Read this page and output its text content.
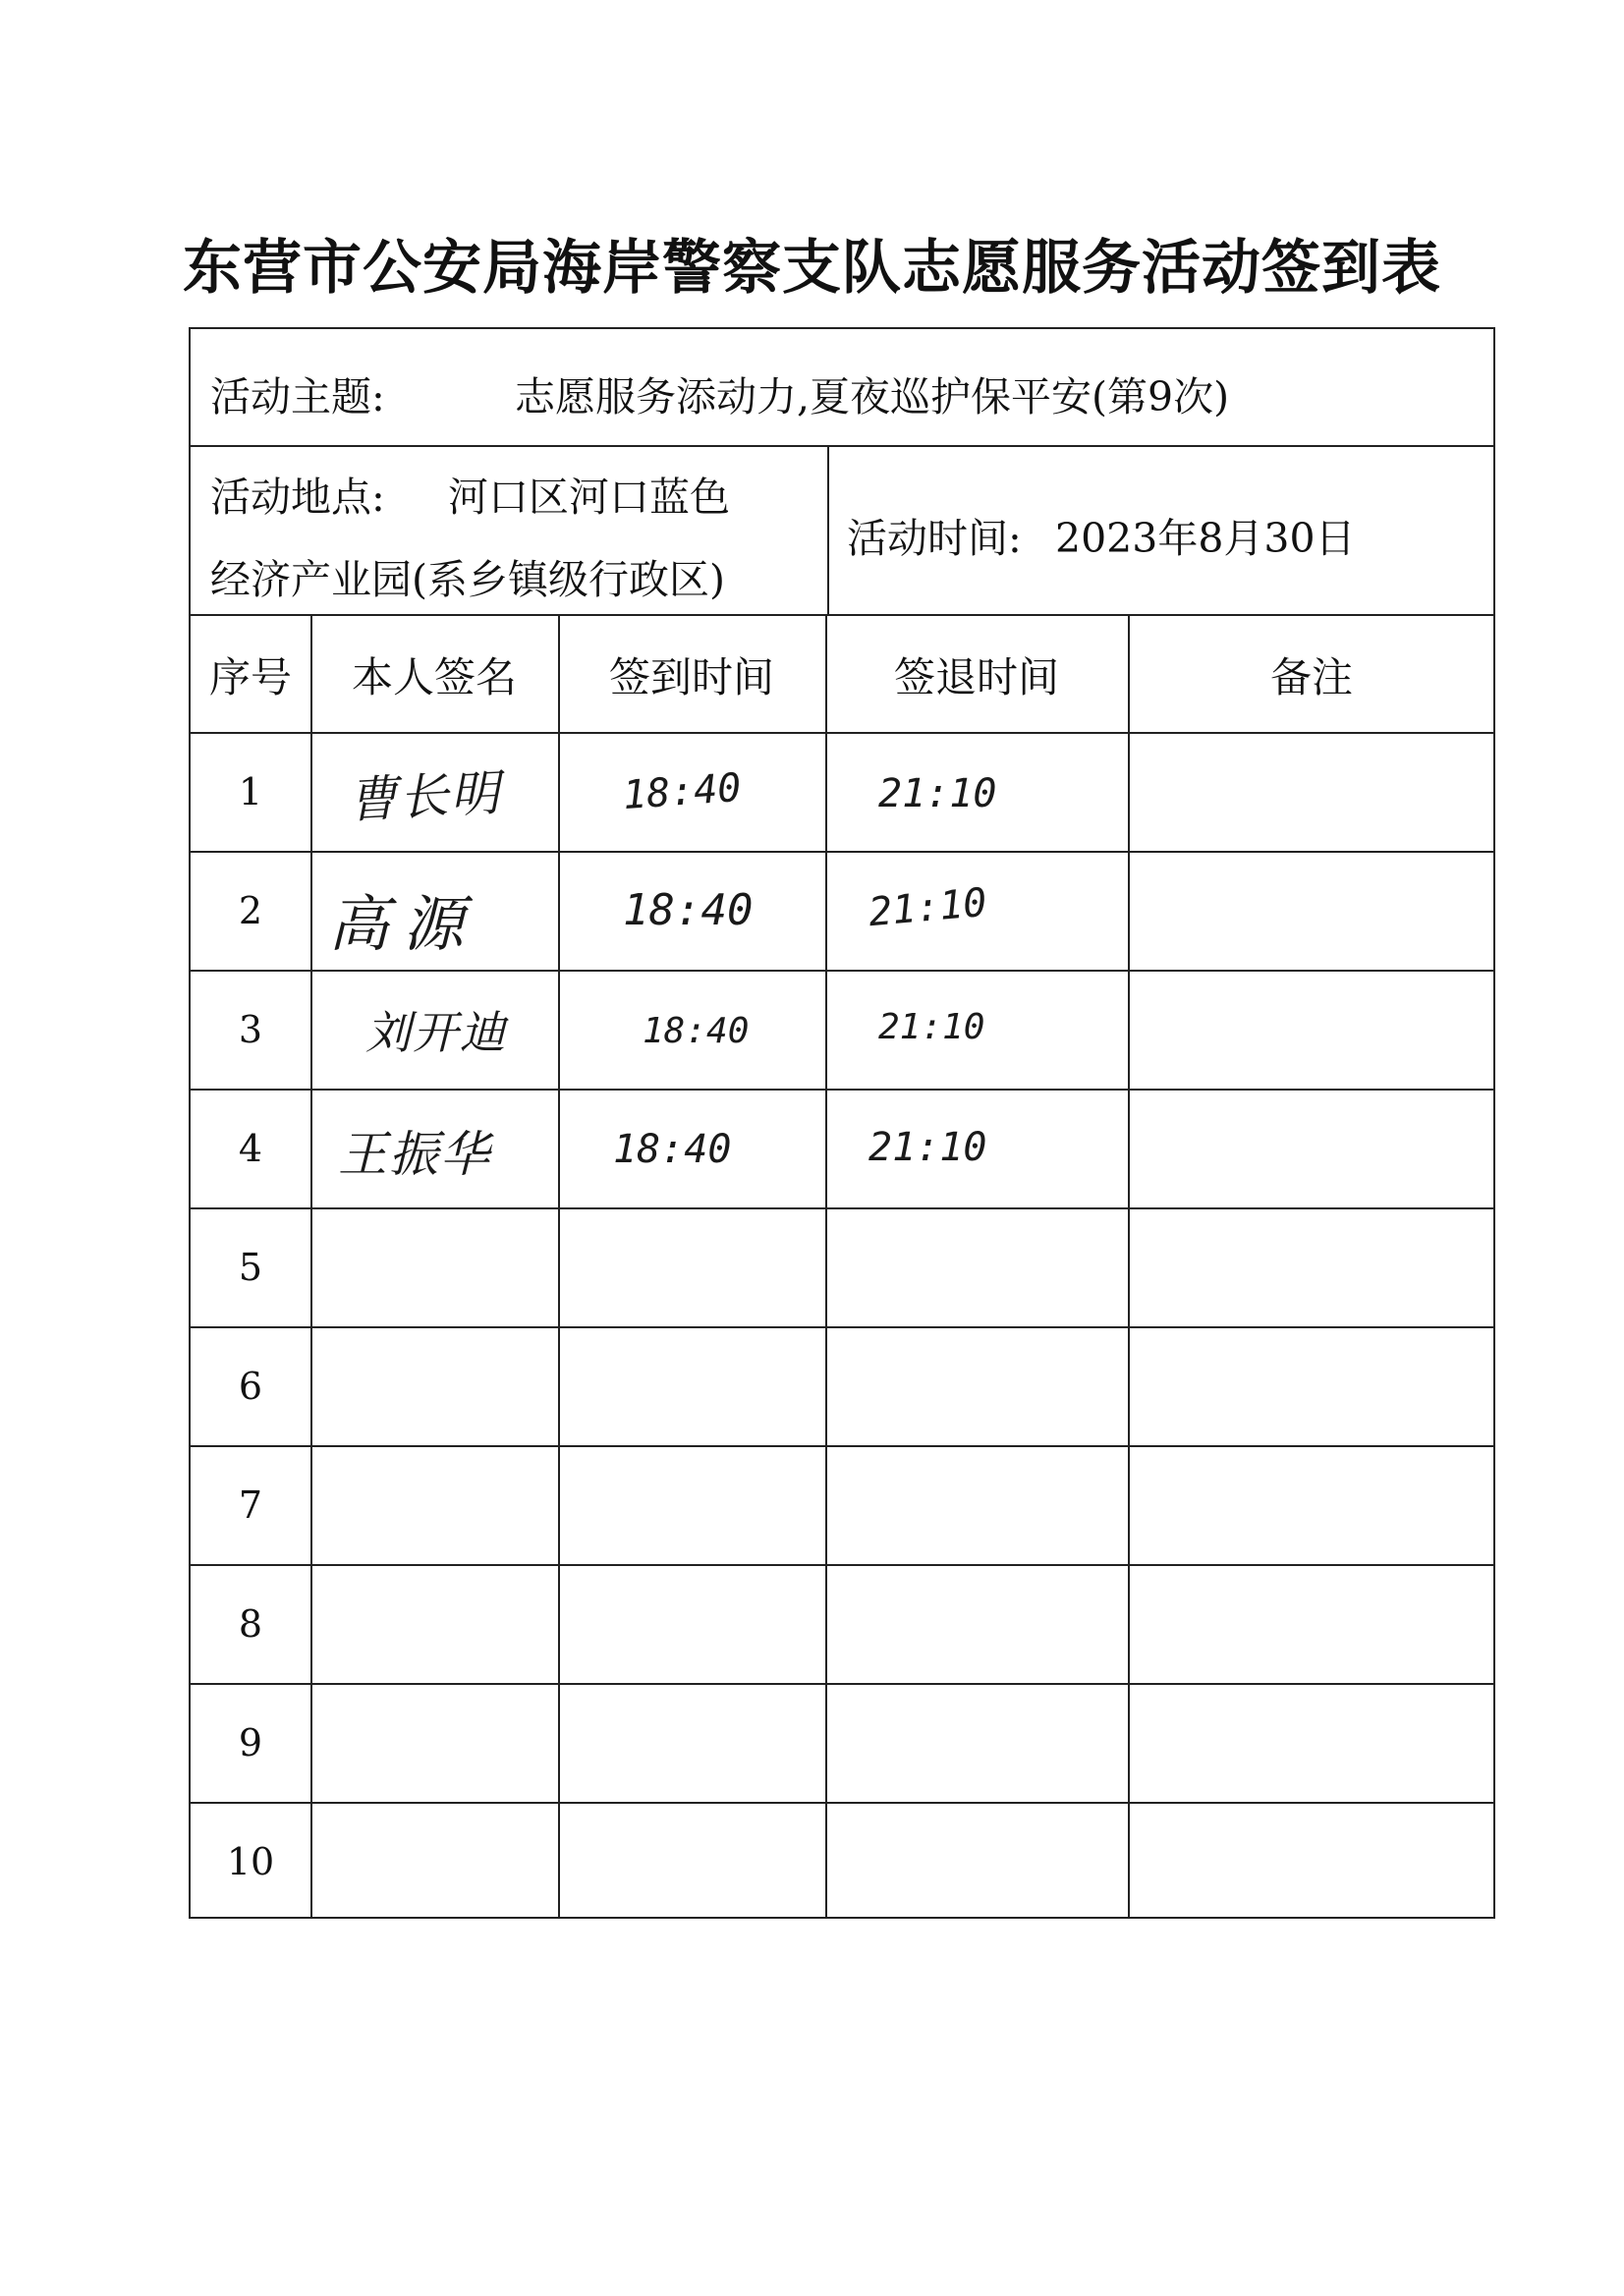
东营市公安局海岸警察支队志愿服务活动签到表
活动主题:	志愿服务添动力,夏夜巡护保平安(第9次)
活动地点: 河口区河口蓝色
经济产业园(系乡镇级行政区)
活动时间: 2023年8月30日
序号	本人签名	签到时间	签退时间	备注
1	曹长明	18:40	21:10
2	高源	18:40	21:10
3	刘开迪	18:40	21:10
4	王振华	18:40	21:10
5
6
7
8
9
10
